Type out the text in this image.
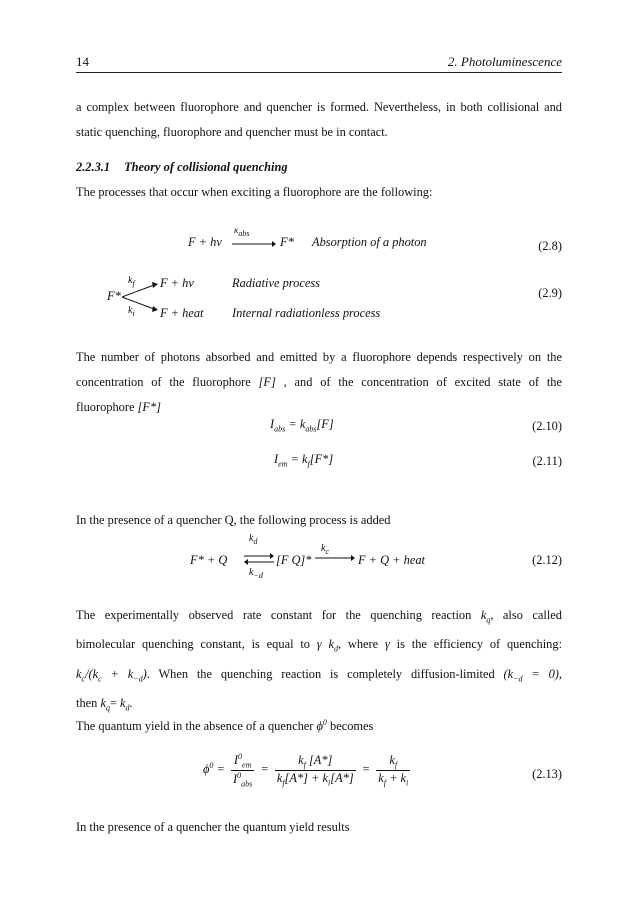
14	2. Photoluminescence
a complex between fluorophore and quencher is formed. Nevertheless, in both collisional and
static quenching, fluorophore and quencher must be in contact.
2.2.3.1 Theory of collisional quenching
The processes that occur when exciting a fluorophore are the following:
F + hν
$\kappa_{abs}$
F* Absorption of a photon	(2.8)
F*
$k_f$
$k_i$
F + hν
F + heat
Radiative process
Internal radiationless process
(2.9)
The number of photons absorbed and emitted by a fluorophore depends respectively on the
concentration of the fluorophore [F] , and of the concentration of excited state of the
fluorophore [F*]
$I_{abs} = k_{abs}[F]$	(2.10)
$I_{em} = k_f[F*]$	(2.11)
In the presence of a quencher Q, the following process is added
F* + Q
$k_d$
$k_{-d}$
[F Q]*
$k_c$
F + Q + heat	(2.12)
The experimentally observed rate constant for the quenching reaction $k_q$, also called
bimolecular quenching constant, is equal to γ $k_d$, where γ is the efficiency of quenching:
$k_c/(k_c + k_{-d})$. When the quenching reaction is completely diffusion-limited $(k_{-d} = 0)$,
then $k_q= k_d$.
The quantum yield in the absence of a quencher $\phi^0$ becomes
$\phi^0 = \frac{I^0_{em}}{I^0_{abs}} = \frac{k_f [A*]}{k_f[A*] + k_i[A*]} = \frac{k_f}{k_f + k_i}$	(2.13)
In the presence of a quencher the quantum yield results
